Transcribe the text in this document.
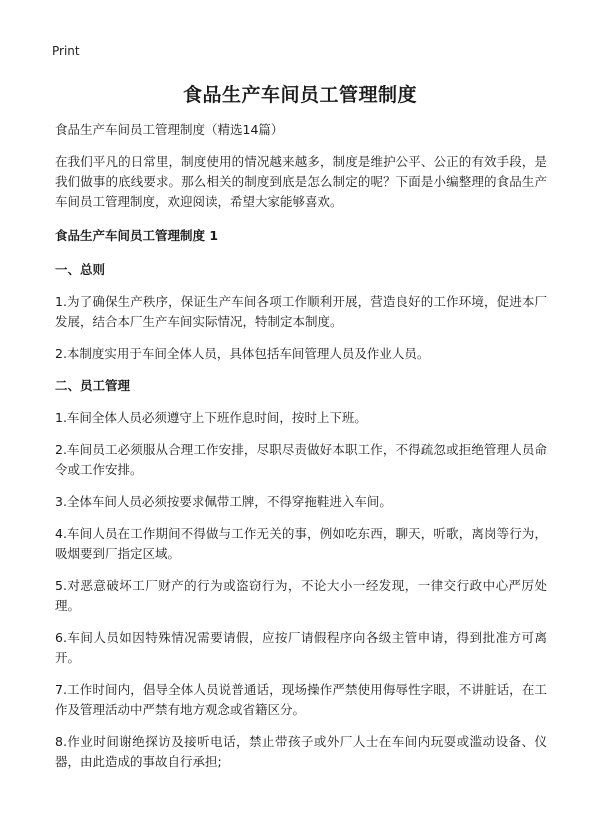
Print
食品生产车间员工管理制度

食品生产车间员工管理制度（精选14篇）

在我们平凡的日常里，制度使用的情况越来越多，制度是维护公平、公正的有效手段，是我们做事的底线要求。那么相关的制度到底是怎么制定的呢？下面是小编整理的食品生产车间员工管理制度，欢迎阅读，希望大家能够喜欢。

食品生产车间员工管理制度 1

一、总则

1.为了确保生产秩序，保证生产车间各项工作顺利开展，营造良好的工作环境，促进本厂发展，结合本厂生产车间实际情况，特制定本制度。

2.本制度实用于车间全体人员，具体包括车间管理人员及作业人员。

二、员工管理

1.车间全体人员必须遵守上下班作息时间，按时上下班。

2.车间员工必须服从合理工作安排，尽职尽责做好本职工作，不得疏忽或拒绝管理人员命令或工作安排。

3.全体车间人员必须按要求佩带工牌，不得穿拖鞋进入车间。

4.车间人员在工作期间不得做与工作无关的事，例如吃东西，聊天，听歌，离岗等行为，吸烟要到厂指定区域。

5.对恶意破坏工厂财产的行为或盗窃行为，不论大小一经发现，一律交行政中心严厉处理。

6.车间人员如因特殊情况需要请假，应按厂请假程序向各级主管申请，得到批准方可离开。

7.工作时间内，倡导全体人员说普通话，现场操作严禁使用侮辱性字眼，不讲脏话，在工作及管理活动中严禁有地方观念或省籍区分。

8.作业时间谢绝探访及接听电话，禁止带孩子或外厂人士在车间内玩耍或滥动设备、仪器，由此造成的事故自行承担;
